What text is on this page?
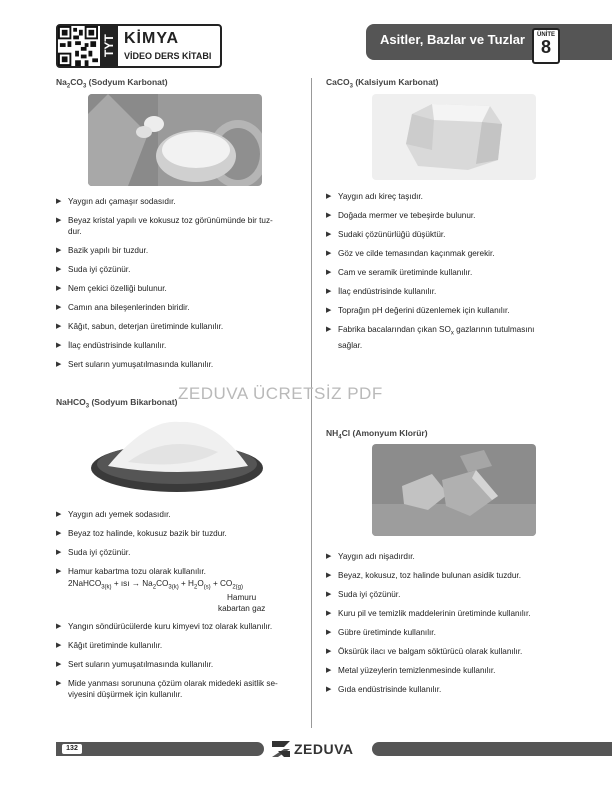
TYT KİMYA
VİDEO DERS KİTABI
Asitler, Bazlar ve Tuzlar	ÜNİTE
8
$Na_2CO_3$ (Sodyum Karbonat)
▶ Yaygın adı çamaşır sodasıdır.
▶ Beyaz kristal yapılı ve kokusuz toz görünümünde bir tuz-
dur.
▶ Bazik yapılı bir tuzdur.
▶ Suda iyi çözünür.
▶ Nem çekici özelliği bulunur.
▶ Camın ana bileşenlerinden biridir.
▶ Kâğıt, sabun, deterjan üretiminde kullanılır.
▶ İlaç endüstrisinde kullanılır.
▶ Sert suların yumuşatılmasında kullanılır.
NaHCO$_3$ (Sodyum Bikarbonat)
▶ Yaygın adı yemek sodasıdır.
▶ Beyaz toz halinde, kokusuz bazik bir tuzdur.
▶ Suda iyi çözünür.
▶ Hamur kabartma tozu olarak kullanılır.
2NaHCO$_{3(k)}$ + ısı → $Na_2CO_{3(k)} + H_2O_{(s)} + CO_{2(g)}$
Hamuru
kabartan gaz
▶ Yangın söndürücülerde kuru kimyevi toz olarak kullanılır.
▶ Kâğıt üretiminde kullanılır.
▶ Sert suların yumuşatılmasında kullanılır.
▶ Mide yanması sorununa çözüm olarak midedeki asitlik se-
viyesini düşürmek için kullanılır.
CaCO$_3$ (Kalsiyum Karbonat)
▶ Yaygın adı kireç taşıdır.
▶ Doğada mermer ve tebeşirde bulunur.
▶ Sudaki çözünürlüğü düşüktür.
▶ Göz ve cilde temasından kaçınmak gerekir.
▶ Cam ve seramik üretiminde kullanılır.
▶ İlaç endüstrisinde kullanılır.
▶ Toprağın pH değerini düzenlemek için kullanılır.
▶ Fabrika bacalarından çıkan $SO_x$ gazlarının tutulmasını
sağlar.
$NH_4Cl$ (Amonyum Klorür)
▶ Yaygın adı nişadırdır.
▶ Beyaz, kokusuz, toz halinde bulunan asidik tuzdur.
▶ Suda iyi çözünür.
▶ Kuru pil ve temizlik maddelerinin üretiminde kullanılır.
▶ Gübre üretiminde kullanılır.
▶ Öksürük ilacı ve balgam söktürücü olarak kullanılır.
▶ Metal yüzeylerin temizlenmesinde kullanılır.
▶ Gıda endüstrisinde kullanılır.
ZEDUVA ÜCRETSİZ PDF
132	ZEDUVA
